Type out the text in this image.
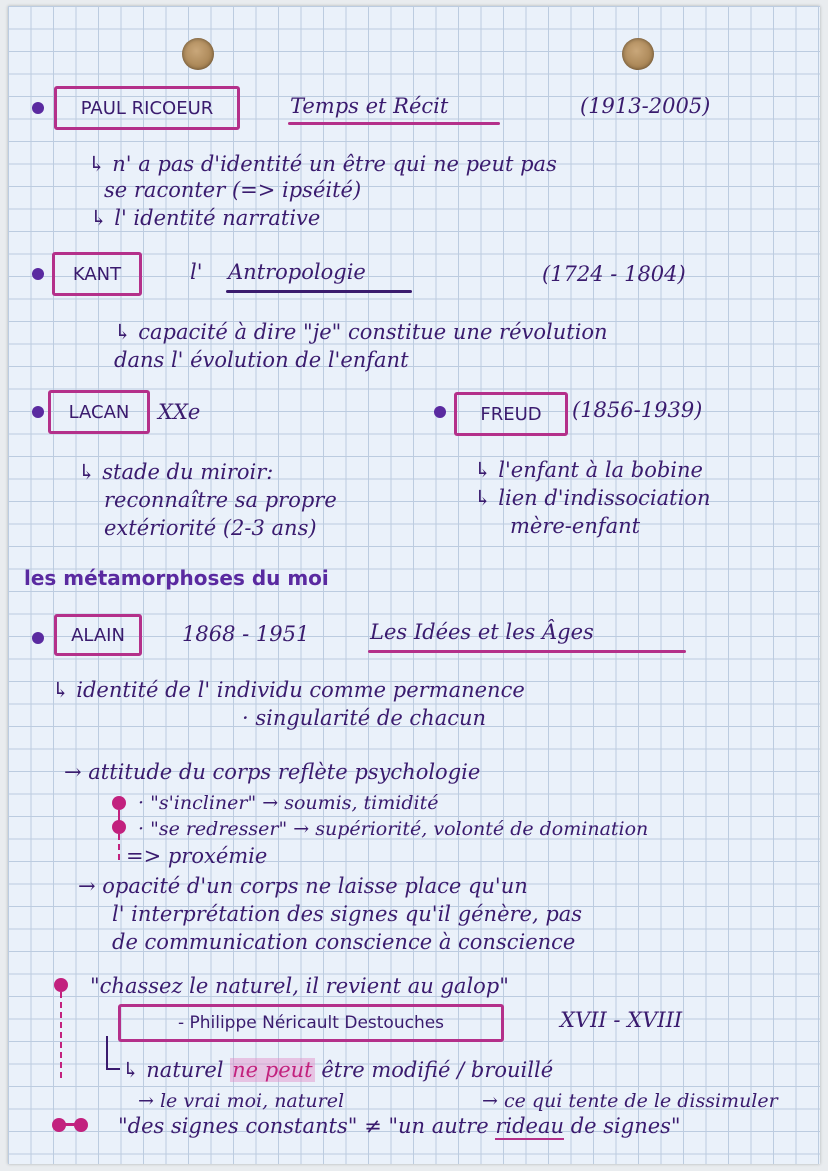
PAUL RICOEUR	Temps et Récit	(1913-2005)
↳ n' a pas d'identité un être qui ne peut pas
se raconter (=> ipséité)
↳ l' identité narrative
KANT	l' Antropologie	(1724 - 1804)
↳ capacité à dire "je" constitue une révolution
dans l' évolution de l'enfant
LACAN	XXe
↳ stade du miroir:
reconnaître sa propre
extériorité (2-3 ans)
FREUD	(1856-1939)
↳ l'enfant à la bobine
↳ lien d'indissociation
mère-enfant
les métamorphoses du moi
ALAIN	1868 - 1951	Les Idées et les Âges
↳ identité de l' individu comme permanence
· singularité de chacun
→ attitude du corps reflète psychologie
· "s'incliner" → soumis, timidité
· "se redresser" → supériorité, volonté de domination
=> proxémie
→ opacité d'un corps ne laisse place qu'un
l' interprétation des signes qu'il génère, pas
de communication conscience à conscience
"chassez le naturel, il revient au galop"
- Philippe Néricault Destouches	XVII - XVIII
↳ naturel ne peut être modifié / brouillé
→ le vrai moi, naturel	→ ce qui tente de le dissimuler
"des signes constants" ≠ "un autre rideau de signes"
